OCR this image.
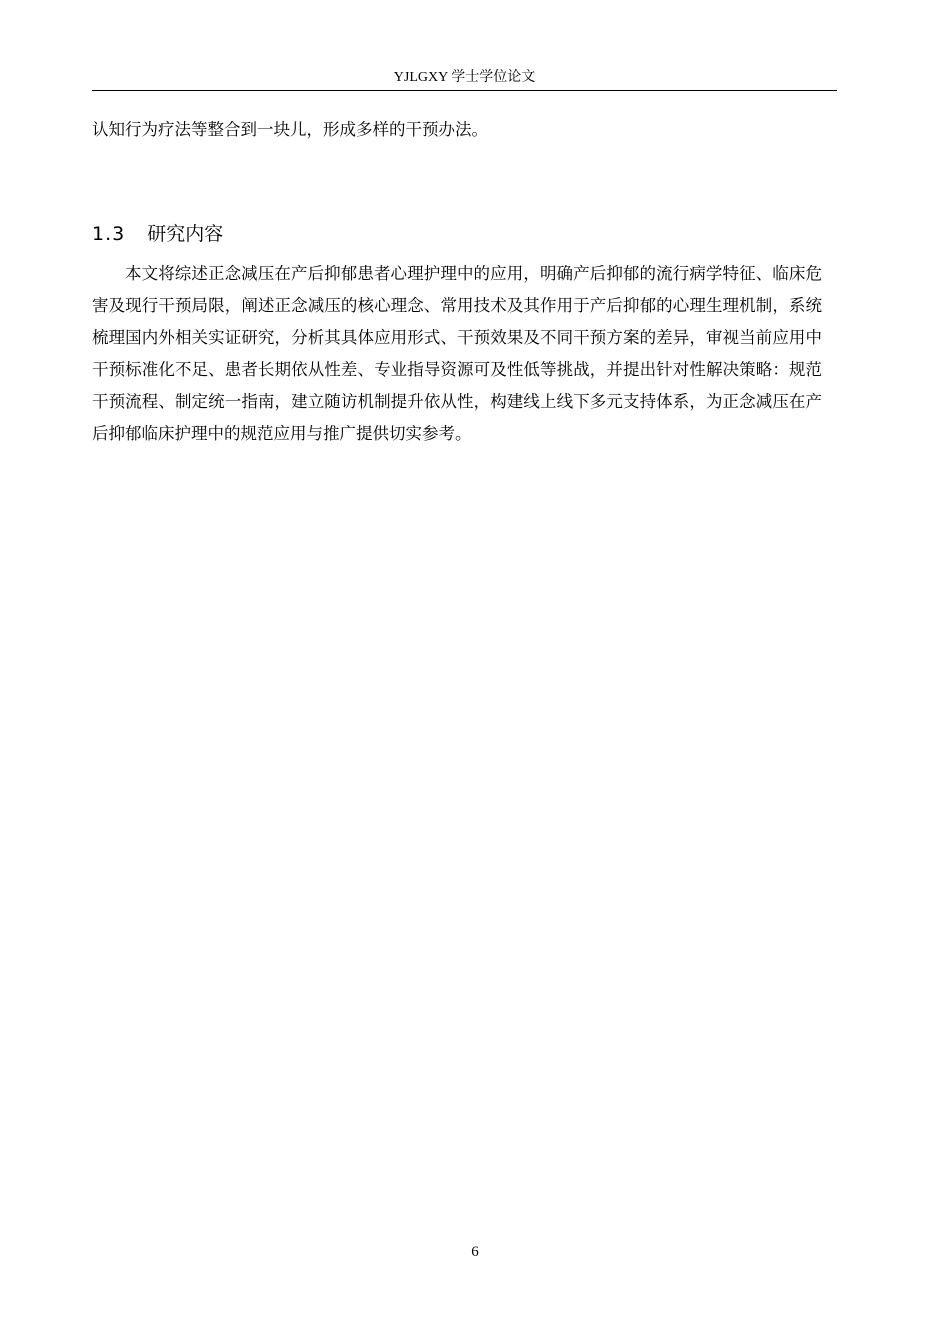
YJLGXY 学士学位论文

认知行为疗法等整合到一块儿，形成多样的干预办法。

1.3 研究内容

本文将综述正念减压在产后抑郁患者心理护理中的应用，明确产后抑郁的流行病学特征、临床危害及现行干预局限，阐述正念减压的核心理念、常用技术及其作用于产后抑郁的心理生理机制，系统梳理国内外相关实证研究，分析其具体应用形式、干预效果及不同干预方案的差异，审视当前应用中干预标准化不足、患者长期依从性差、专业指导资源可及性低等挑战，并提出针对性解决策略：规范干预流程、制定统一指南，建立随访机制提升依从性，构建线上线下多元支持体系，为正念减压在产后抑郁临床护理中的规范应用与推广提供切实参考。

6
